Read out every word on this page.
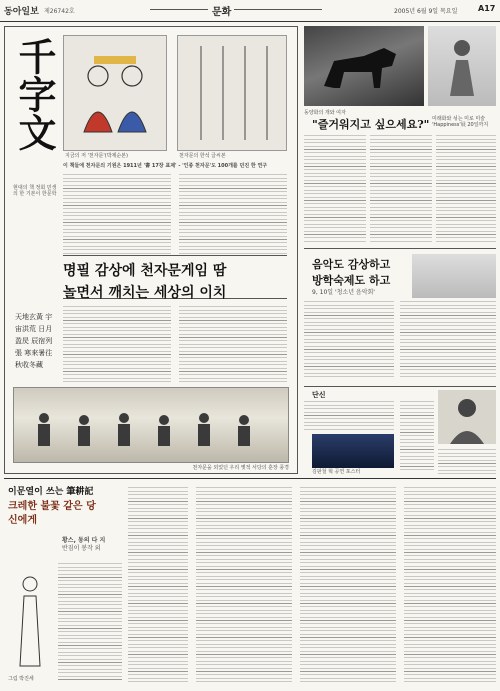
동아일보 제26742호	문화	2005년 6월 9일 목요일	A17
千字文
현대의 책 정회 민생의 한 기본이 한문학
지금의 저 '천자문'(박제순본)	천자문의 한석 글씨본
이 책들에 천자문의 기원은 1911년 '書 17장 표제' - '인종 천자문'도 100개를 던진 한 연구
명필 감상에 천자문게임 땀
놀면서 깨치는 세상의 이치
天地玄黃 宇宙洪荒 日月盈昃 辰宿列張 寒來暑往 秋收冬藏
천자문을 외었던 우리 옛적 서당의 훈장 풍경
동양화의 개와 여자
"즐거워지고 싶으세요?" 미래화와 섞는 미로 미술 'Happiness'展 20일까지
음악도 감상하고
방학숙제도 하고
9, 10일 '청소년 음악회'
단신
김판철 혁 공연 포스터
이문열이 쓰는 筆耕記
크레한 불꽃 같은 당신에게
황스, 동의 다 지
반짐이 봉작 외
그림 박진세
